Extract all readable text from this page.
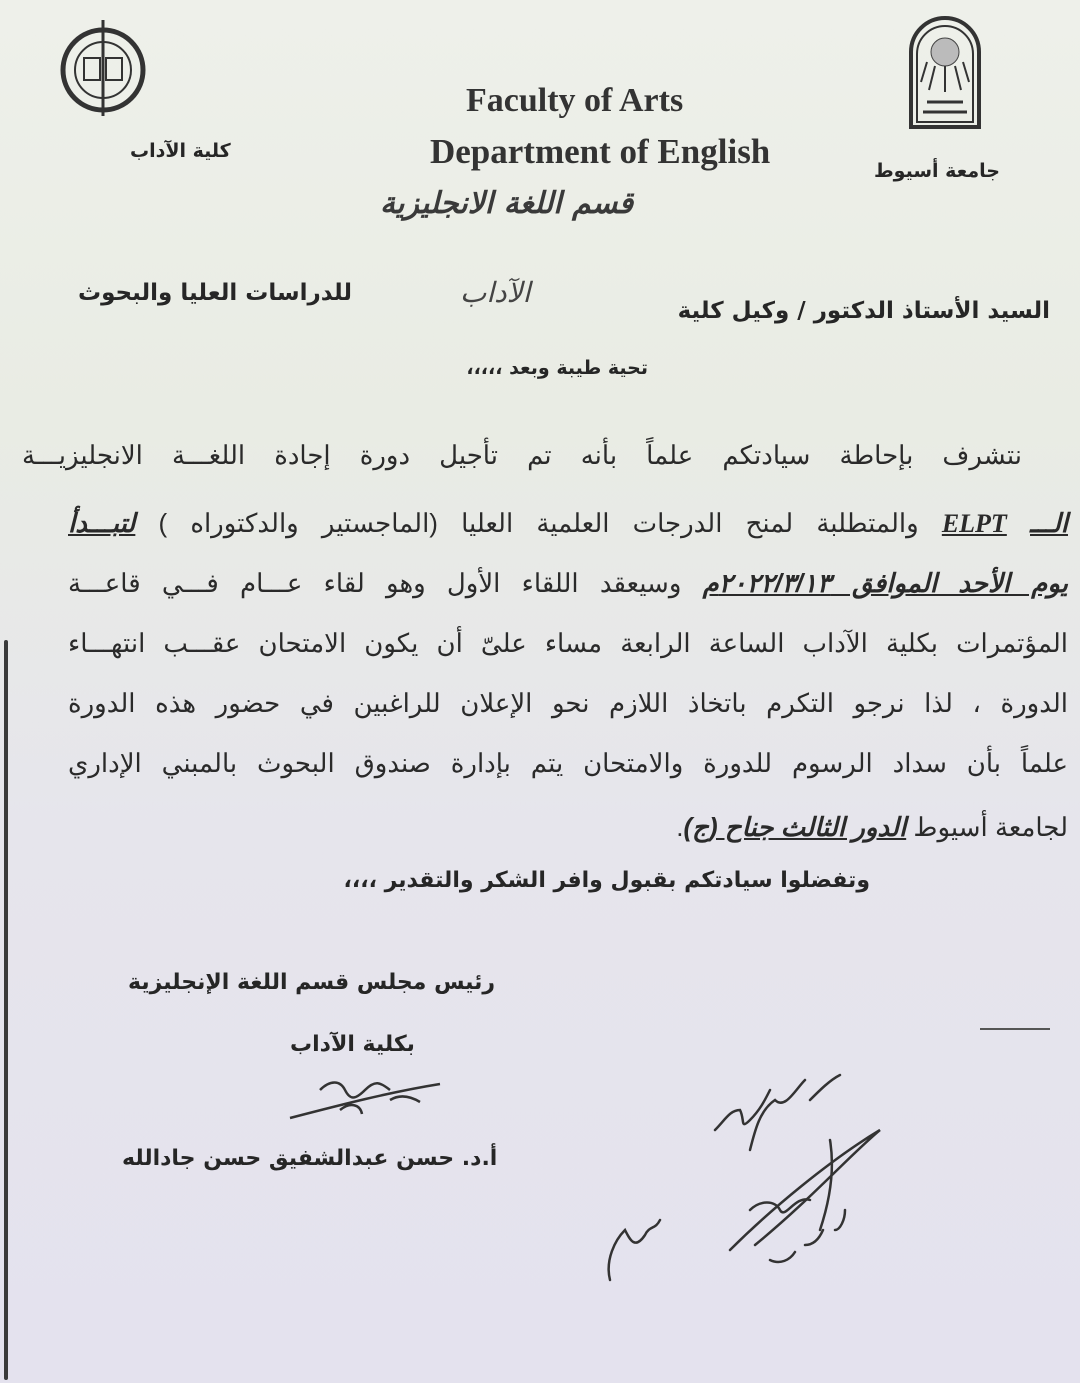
كلية الآداب
جامعة أسيوط
Faculty of Arts
Department of English
قسم اللغة الانجليزية
السيد الأستاذ الدكتور / وكيل كلية
الآداب
للدراسات العليا والبحوث
تحية طيبة وبعد ،،،،،
نتشرف بإحاطة سيادتكم علماً بأنه تم تأجيل دورة إجادة اللغـــة الانجليزيـــة
الـــ ELPT والمتطلبة لمنح الدرجات العلمية العليا (الماجستير والدكتوراه ) لتبـــدأ
يوم الأحد الموافق ٢٠٢٢/٣/١٣م وسيعقد اللقاء الأول وهو لقاء عـــام فـــي قاعـــة
المؤتمرات بكلية الآداب الساعة الرابعة مساء علىّ أن يكون الامتحان عقـــب انتهـــاء
الدورة ، لذا نرجو التكرم باتخاذ اللازم نحو الإعلان للراغبين في حضور هذه الدورة
علماً بأن سداد الرسوم للدورة والامتحان يتم بإدارة صندوق البحوث بالمبني الإداري
لجامعة أسيوط الدور الثالث جناح (ج).
وتفضلوا سيادتكم بقبول وافر الشكر والتقدير ،،،،
رئيس مجلس قسم اللغة الإنجليزية
بكلية الآداب
أ.د. حسن عبدالشفيق حسن جادالله
